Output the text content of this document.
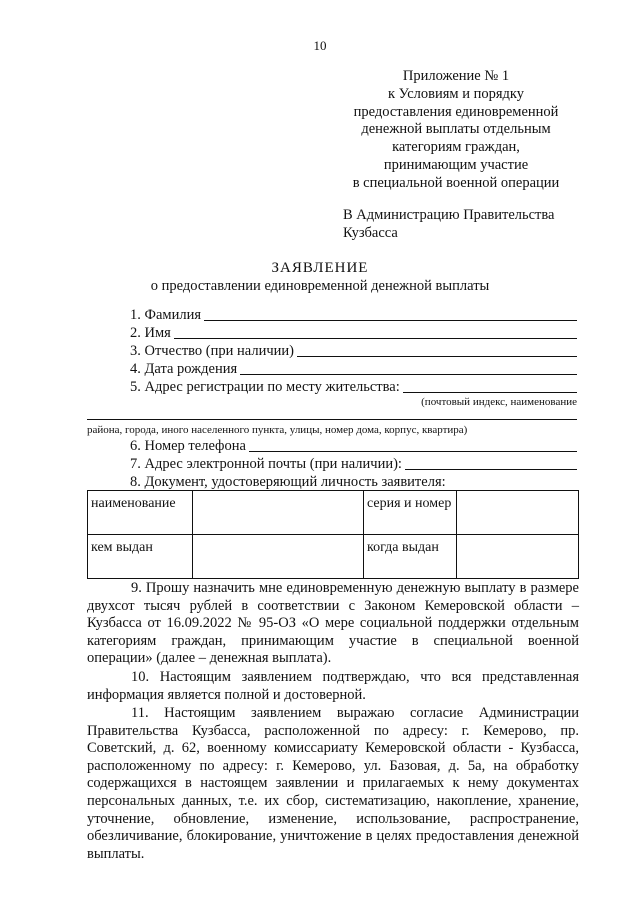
10
Приложение № 1
к Условиям и порядку
предоставления единовременной
денежной выплаты отдельным
категориям граждан,
принимающим участие
в специальной военной операции
В Администрацию Правительства
Кузбасса
ЗАЯВЛЕНИЕ
о предоставлении единовременной денежной выплаты
1. Фамилия
2. Имя
3. Отчество (при наличии)
4. Дата рождения
5. Адрес регистрации по месту жительства:
(почтовый индекс, наименование
района, города, иного населенного пункта, улицы, номер дома, корпус, квартира)
6. Номер телефона
7. Адрес электронной почты (при наличии):
8. Документ, удостоверяющий личность заявителя:
наименование		серия и номер	
кем выдан		когда выдан	
9. Прошу назначить мне единовременную денежную выплату в размере двухсот тысяч рублей в соответствии с Законом Кемеровской области – Кузбасса от 16.09.2022 № 95-ОЗ «О мере социальной поддержки отдельным категориям граждан, принимающим участие в специальной военной операции» (далее – денежная выплата).
10. Настоящим заявлением подтверждаю, что вся представленная информация является полной и достоверной.
11. Настоящим заявлением выражаю согласие Администрации Правительства Кузбасса, расположенной по адресу: г. Кемерово, пр. Советский, д. 62, военному комиссариату Кемеровской области - Кузбасса, расположенному по адресу: г. Кемерово, ул. Базовая, д. 5а, на обработку содержащихся в настоящем заявлении и прилагаемых к нему документах персональных данных, т.е. их сбор, систематизацию, накопление, хранение, уточнение, обновление, изменение, использование, распространение, обезличивание, блокирование, уничтожение в целях предоставления денежной выплаты.
